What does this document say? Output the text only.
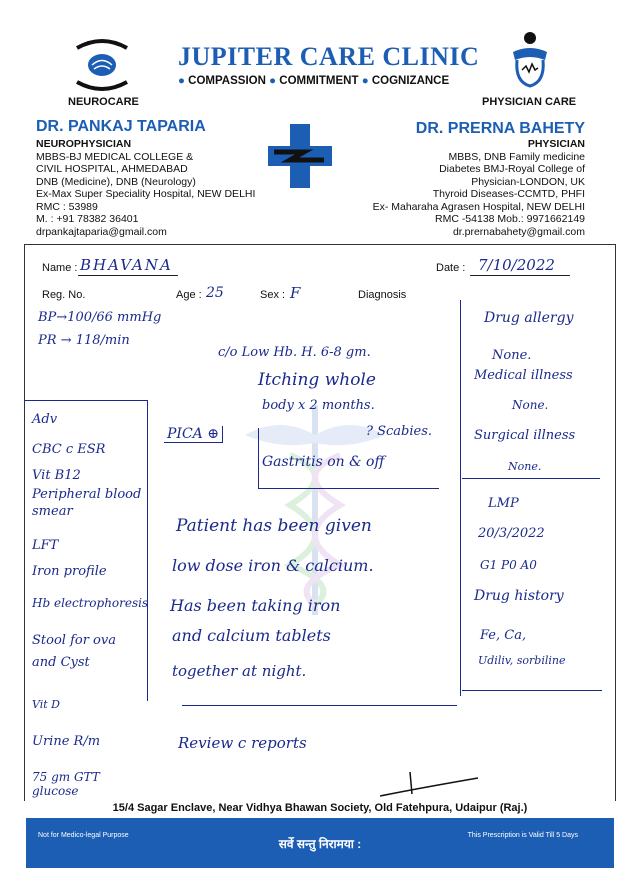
NEUROCARE	PHYSICIAN CARE
JUPITER CARE CLINIC
● COMPASSION ● COMMITMENT ● COGNIZANCE
DR. PANKAJ TAPARIA
NEUROPHYSICIAN
MBBS-BJ MEDICAL COLLEGE &
CIVIL HOSPITAL, AHMEDABAD
DNB (Medicine), DNB (Neurology)
Ex-Max Super Speciality Hospital, NEW DELHI
RMC : 53989
M. : +91 78382 36401
drpankajtaparia@gmail.com
DR. PRERNA BAHETY
PHYSICIAN
MBBS, DNB Family medicine
Diabetes BMJ-Royal College of
Physician-LONDON, UK
Thyroid Diseases-CCMTD, PHFI
Ex- Maharaha Agrasen Hospital, NEW DELHI
RMC -54138 Mob.: 9971662149
dr.prernabahety@gmail.com
Name : BHAVANA	Date : 7/10/2022
Reg. No.	Age : 25	Sex : F	Diagnosis
BP→100/66 mmHg
PR → 118/min
c/o Low Hb. H. 6-8 gm.
Itching whole
body x 2 months.
? Scabies.
Gastritis on & off
PICA ⊕
Adv
CBC c ESR
Vit B12
Peripheral blood smear
LFT
Iron profile
Hb electrophoresis
Stool for ova and Cyst
Vit D
Urine R/m
75 gm GTT glucose
Patient has been given
low dose iron & calcium.
Has been taking iron
and calcium tablets
together at night.
Review c reports
Drug allergy
None.
Medical illness
None.
Surgical illness
None.
LMP
20/3/2022
G1 P0 A0
Drug history
Fe, Ca,
Udiliv, sorbiline
15/4 Sagar Enclave, Near Vidhya Bhawan Society, Old Fatehpura, Udaipur (Raj.)
Not for Medico-legal Purpose
सर्वे सन्तु निरामया :
This Prescription is Valid Till 5 Days
